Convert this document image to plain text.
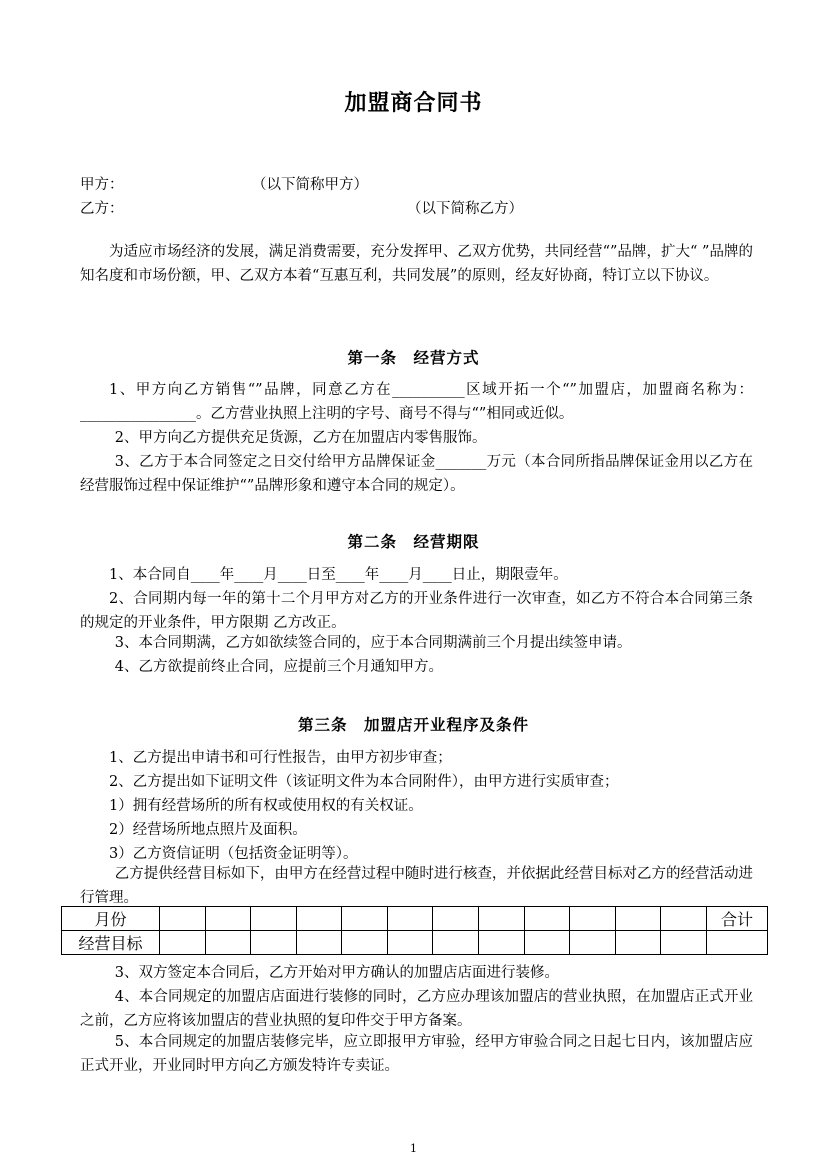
加盟商合同书
甲方：	（以下简称甲方）
乙方：	（以下简称乙方）
为适应市场经济的发展，满足消费需要，充分发挥甲、乙双方优势，共同经营“”品牌，扩大“ ”品牌的知名度和市场份额，甲、乙双方本着“互惠互利，共同发展”的原则，经友好协商，特订立以下协议。
第一条　经营方式
1、甲方向乙方销售“”品牌，同意乙方在__________区域开拓一个“”加盟店，加盟商名称为：________________。乙方营业执照上注明的字号、商号不得与“”相同或近似。
2、甲方向乙方提供充足货源，乙方在加盟店内零售服饰。
3、乙方于本合同签定之日交付给甲方品牌保证金_______万元（本合同所指品牌保证金用以乙方在经营服饰过程中保证维护“”品牌形象和遵守本合同的规定）。
第二条　经营期限
1、本合同自____年____月____日至____年____月____日止，期限壹年。
2、合同期内每一年的第十二个月甲方对乙方的开业条件进行一次审查，如乙方不符合本合同第三条的规定的开业条件，甲方限期 乙方改正。
3、本合同期满，乙方如欲续签合同的，应于本合同期满前三个月提出续签申请。
4、乙方欲提前终止合同，应提前三个月通知甲方。
第三条　加盟店开业程序及条件
1、乙方提出申请书和可行性报告，由甲方初步审查；
2、乙方提出如下证明文件（该证明文件为本合同附件），由甲方进行实质审查；
1）拥有经营场所的所有权或使用权的有关权证。
2）经营场所地点照片及面积。
3）乙方资信证明（包括资金证明等）。
乙方提供经营目标如下，由甲方在经营过程中随时进行核查，并依据此经营目标对乙方的经营活动进行管理。
月份													合计
经营目标													
3、双方签定本合同后，乙方开始对甲方确认的加盟店店面进行装修。
4、本合同规定的加盟店店面进行装修的同时，乙方应办理该加盟店的营业执照，在加盟店正式开业之前，乙方应将该加盟店的营业执照的复印件交于甲方备案。
5、本合同规定的加盟店装修完毕，应立即报甲方审验，经甲方审验合同之日起七日内，该加盟店应正式开业，开业同时甲方向乙方颁发特许专卖证。
1
